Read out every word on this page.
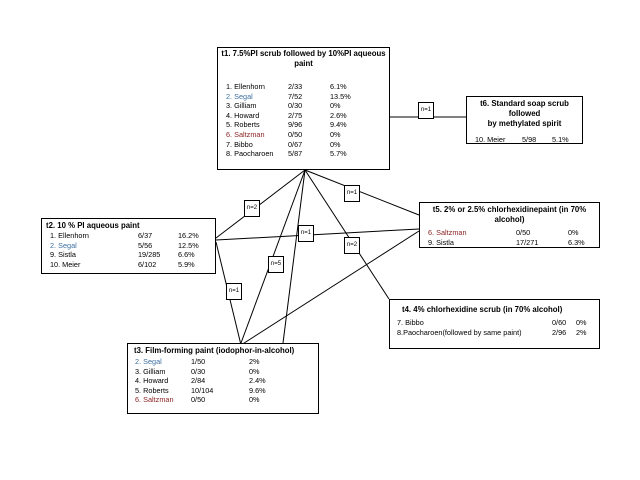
n=1
n=2
n=1
n=2
n=5
n=1
n=1
t1. 7.5%PI scrub followed by 10%PI aqueous
paint
1. Ellenhorn	2/33	6.1%
2. Segal	7/52	13.5%
3. Gilliam	0/30	0%
4. Howard	2/75	2.6%
5. Roberts	9/96	9.4%
6. Saltzman	0/50	0%
7. Bibbo	0/67	0%
8. Paocharoen	5/87	5.7%
t6. Standard soap scrub followed
by methylated spirit
10. Meier	5/98	5.1%
t2. 10 % PI aqueous paint
1. Ellenhorn	6/37	16.2%
2. Segal	5/56	12.5%
9. Sistla	19/285	6.6%
10. Meier	6/102	5.9%
t5. 2% or 2.5% chlorhexidinepaint (in 70%
alcohol)
6. Saltzman	0/50	0%
9. Sistla	17/271	6.3%
t4. 4% chlorhexidine scrub (in 70% alcohol)
7. Bibbo	0/60	0%
8.Paocharoen(followed by same paint)	2/96	2%
t3. Film-forming paint (iodophor-in-alcohol)
2. Segal	1/50	2%
3. Gilliam	0/30	0%
4. Howard	2/84	2.4%
5. Roberts	10/104	9.6%
6. Saltzman	0/50	0%
